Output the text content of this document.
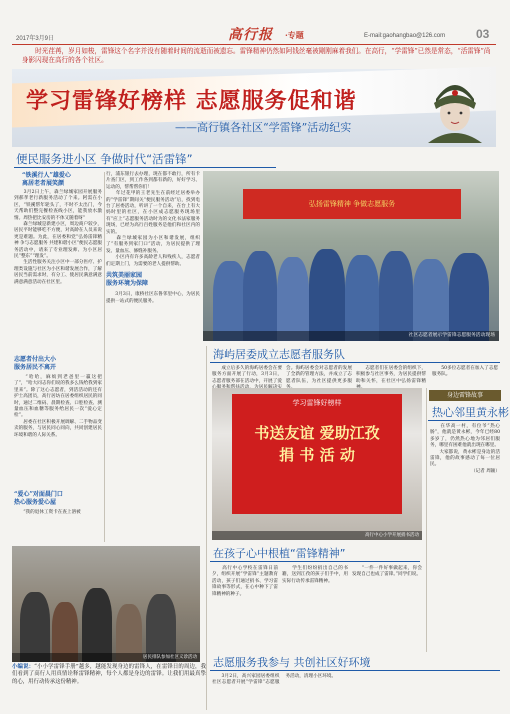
2017年3月9日	高行报 ·专题	E-mail:gaohangbao@126.com	03
　　时光荏苒，岁月如梭，雷锋这个名字并没有随着时间的流逝而被遗忘。雷锋精神仍然如阿钱丝毫被剛刚麻着我们。在高行，“学雷锋”已然是常态，“活雷锋”尚身影闪现在高行的各个社区。
学习雷锋好榜样 志愿服务促和谐
——高行镇各社区“学雷锋”活动纪实
便民服务进小区 争做时代“活雷锋”
“铁溪行人”雄爱心
离居老者展笑颜
　　3月2日上午，森兰绿城家园开展服务到郝孝老行新服务活动了个来。阿需在小区，“铁溪帮年轮头了，不时不太出门，今天帮助们整完餐检查线小区，能我放水激情。周热把比安房的不体又随着呀”
　　森兰绿城是新建小区，周边商户较少，居民平时能够吃不方便，对高龄在人员来说更是难题。为此，在居委和党“弘扬雷锋精神 争与志愿服务 共建和谐小区”便民志愿服务活动中，请来了专业理发师、为小区居民“整东”“理发”。
　　生活性服务关注小区中一部分医疗、护理类设施与社区为小区和谐发展合作，了解居民当前需求时，有分工、使居民满意满意满意满意活动在社区里。
志愿者付出大小
服务居民不离开
　　“哈哈，麻烦到老爸里一赢这把了”，“哈大同志你们说的我多么钱给我到家里来”。除了这心志愿者，到活活动的还有护士高团员，高行居坊在居委组织居民的同时，通过二维码、晨期检查、口腔检查、测量血压和血糖等服务给居民一次“爱心定检”。
　　居委在社区积极开展调解、二手物品变卖的服务，与居民同心同向，共同创建居民环境和谐的人际关系。
“爱心”对面晨门口
热心服务爱心屋
　　“我的退休工资卡在查上溶被
行，浦东银行去办理，现在都不敢行，所有卡片查门区，到工作各到都有新的，好好学习、运动的，帮帮帮你们！
　　年过花甲的王老先生在前经过居委举办的“学雷锋”期间关“便民服务活动”后，找到电台了居委活动，听讲了一个自来，在台上有大妈时里的社区，在小区成志愿服务现场里有“应上”志愿服务活动时为的文化书法家服务现场，已经为高行百姓服务是他们和社区内的实的。
　　森兰绿城家园为小区和谐发展，组织了“有服务到家门口”活动，为居民提供了理发、量血压、修缝补服务。
　　小区内有许多高龄老人和残疾人，志愿者们定期上门，为需要的老人提供帮助。
共筑美丽家园
服务环境为保障
　　3月3日，康桥社区东鲁邻里中心，为居民提供一站式的便民服务。
弘扬雷锋精神 争做志愿服务
社区志愿者展示学雷锋志愿服务活动现场
海屿居委成立志愿者服务队
　　成立后多久的海屿居委会在要服务方面开展了行动，3月3日，志愿者服务部在活动中，开展了爱
会。海屿居委会对志愿者的发展了全新的管理方法，并成立了志愿者队伍，为社区提供更多服
　　志愿者们在居委会的组织下，积极参与社区事务，为居民提供帮助和关怀，在社区中弘扬雷锋精
　　50多位志愿者在加入了志愿服务队。
学习雷锋好榜样
书送友谊 爱助江孜
捐 书 活 动
高行中心小学开展捐书活动
身边雷锋故事
热心邻里黄永彬
　　在华高一村，有位爷“热心肠”，他就是黄永彬，今年已经80多岁了，仍然热心地为邻居们服务，哪里有困难他就出现在哪里。
　　大家都说，黄永彬是身边的活雷锋，他的故事感动了每一位居民。
（记者 周颖）
在孩子心中根植“雷锋精神”
　　高行中心学校在雷锋日前夕，组织开展“学雷锋”主题教育活动，孩子们通过捐书、学习雷锋故事等形式，在心中种下了雷锋精神的种子。
　　学生们纷纷捐出自己的书籍，送到江孜的孩子们手中，用实际行动传承雷锋精神。
　　“一件一件好事做起来，你会发现自己也成了雷锋。”同学们说。
居民排队参加社区义诊活动
小编说：“小小学雷锋手册”越多，越能发现身边的雷锋人，在雷锋日的周边，我们看到了高行人用真情诠释雷锋精神，每个人都是身边的雷锋。让我们用最真挚的心，用行动传承这份精神。
志愿服务我参与 共创社区好环境
　　3月2日，高兴家园居委组织社区志愿者开展“学雷锋”志愿服务活动，清理小区环境。
